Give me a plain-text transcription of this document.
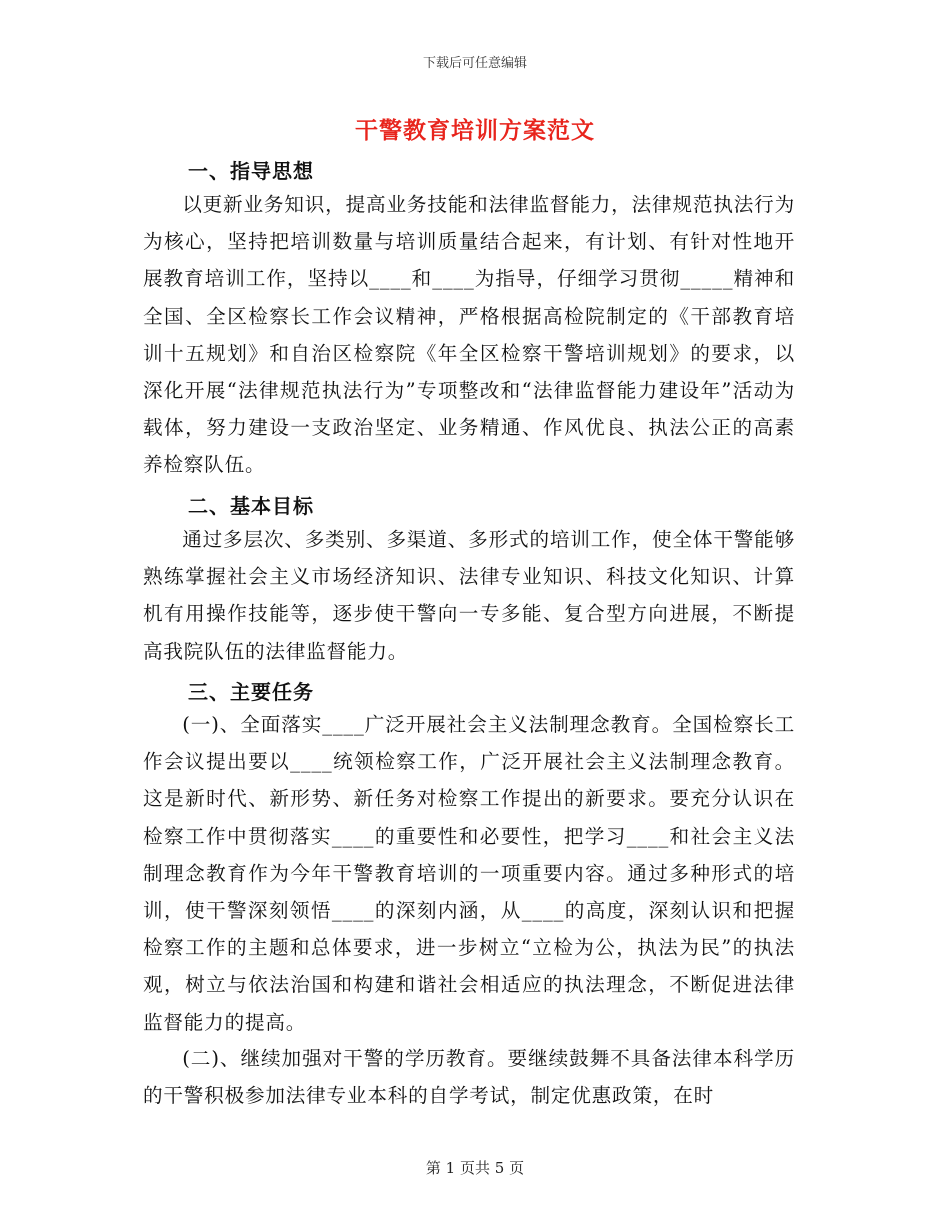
下载后可任意编辑
干警教育培训方案范文
一、指导思想

以更新业务知识，提高业务技能和法律监督能力，法律规范执法行为为核心，坚持把培训数量与培训质量结合起来，有计划、有针对性地开展教育培训工作，坚持以____和____为指导，仔细学习贯彻_____精神和全国、全区检察长工作会议精神，严格根据高检院制定的《干部教育培训十五规划》和自治区检察院《年全区检察干警培训规划》的要求，以深化开展“法律规范执法行为”专项整改和“法律监督能力建设年”活动为载体，努力建设一支政治坚定、业务精通、作风优良、执法公正的高素养检察队伍。

二、基本目标

通过多层次、多类别、多渠道、多形式的培训工作，使全体干警能够熟练掌握社会主义市场经济知识、法律专业知识、科技文化知识、计算机有用操作技能等，逐步使干警向一专多能、复合型方向进展，不断提高我院队伍的法律监督能力。

三、主要任务

(一)、全面落实____广泛开展社会主义法制理念教育。全国检察长工作会议提出要以____统领检察工作，广泛开展社会主义法制理念教育。这是新时代、新形势、新任务对检察工作提出的新要求。要充分认识在检察工作中贯彻落实____的重要性和必要性，把学习____和社会主义法制理念教育作为今年干警教育培训的一项重要内容。通过多种形式的培训，使干警深刻领悟____的深刻内涵，从____的高度，深刻认识和把握检察工作的主题和总体要求，进一步树立“立检为公，执法为民”的执法观，树立与依法治国和构建和谐社会相适应的执法理念，不断促进法律监督能力的提高。

(二)、继续加强对干警的学历教育。要继续鼓舞不具备法律本科学历的干警积极参加法律专业本科的自学考试，制定优惠政策，在时

第 1 页共 5 页
